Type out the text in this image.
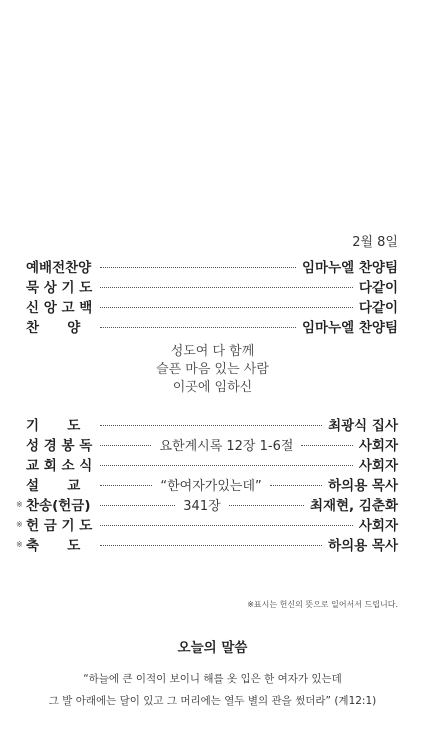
2월 8일
예배전찬양	임마누엘 찬양팀
묵 상 기 도	다같이
신 앙 고 백	다같이
찬      양	임마누엘 찬양팀
성도여 다 함께
슬픈 마음 있는 사람
이곳에 임하신
기      도	최광식 집사
성 경 봉 독	요한계시록 12장 1-6절	사회자
교 회 소 식	사회자
설      교	“한여자가있는데”	하의용 목사
※ 찬송(헌금)	341장	최재현, 김춘화
※ 헌 금 기 도	사회자
※ 축      도	하의용 목사
※표시는 헌신의 뜻으로 일어서서 드립니다.
오늘의 말씀
“하늘에 큰 이적이 보이니 해를 옷 입은 한 여자가 있는데
그 발 아래에는 달이 있고 그 머리에는 열두 별의 관을 썼더라” (계12:1)
